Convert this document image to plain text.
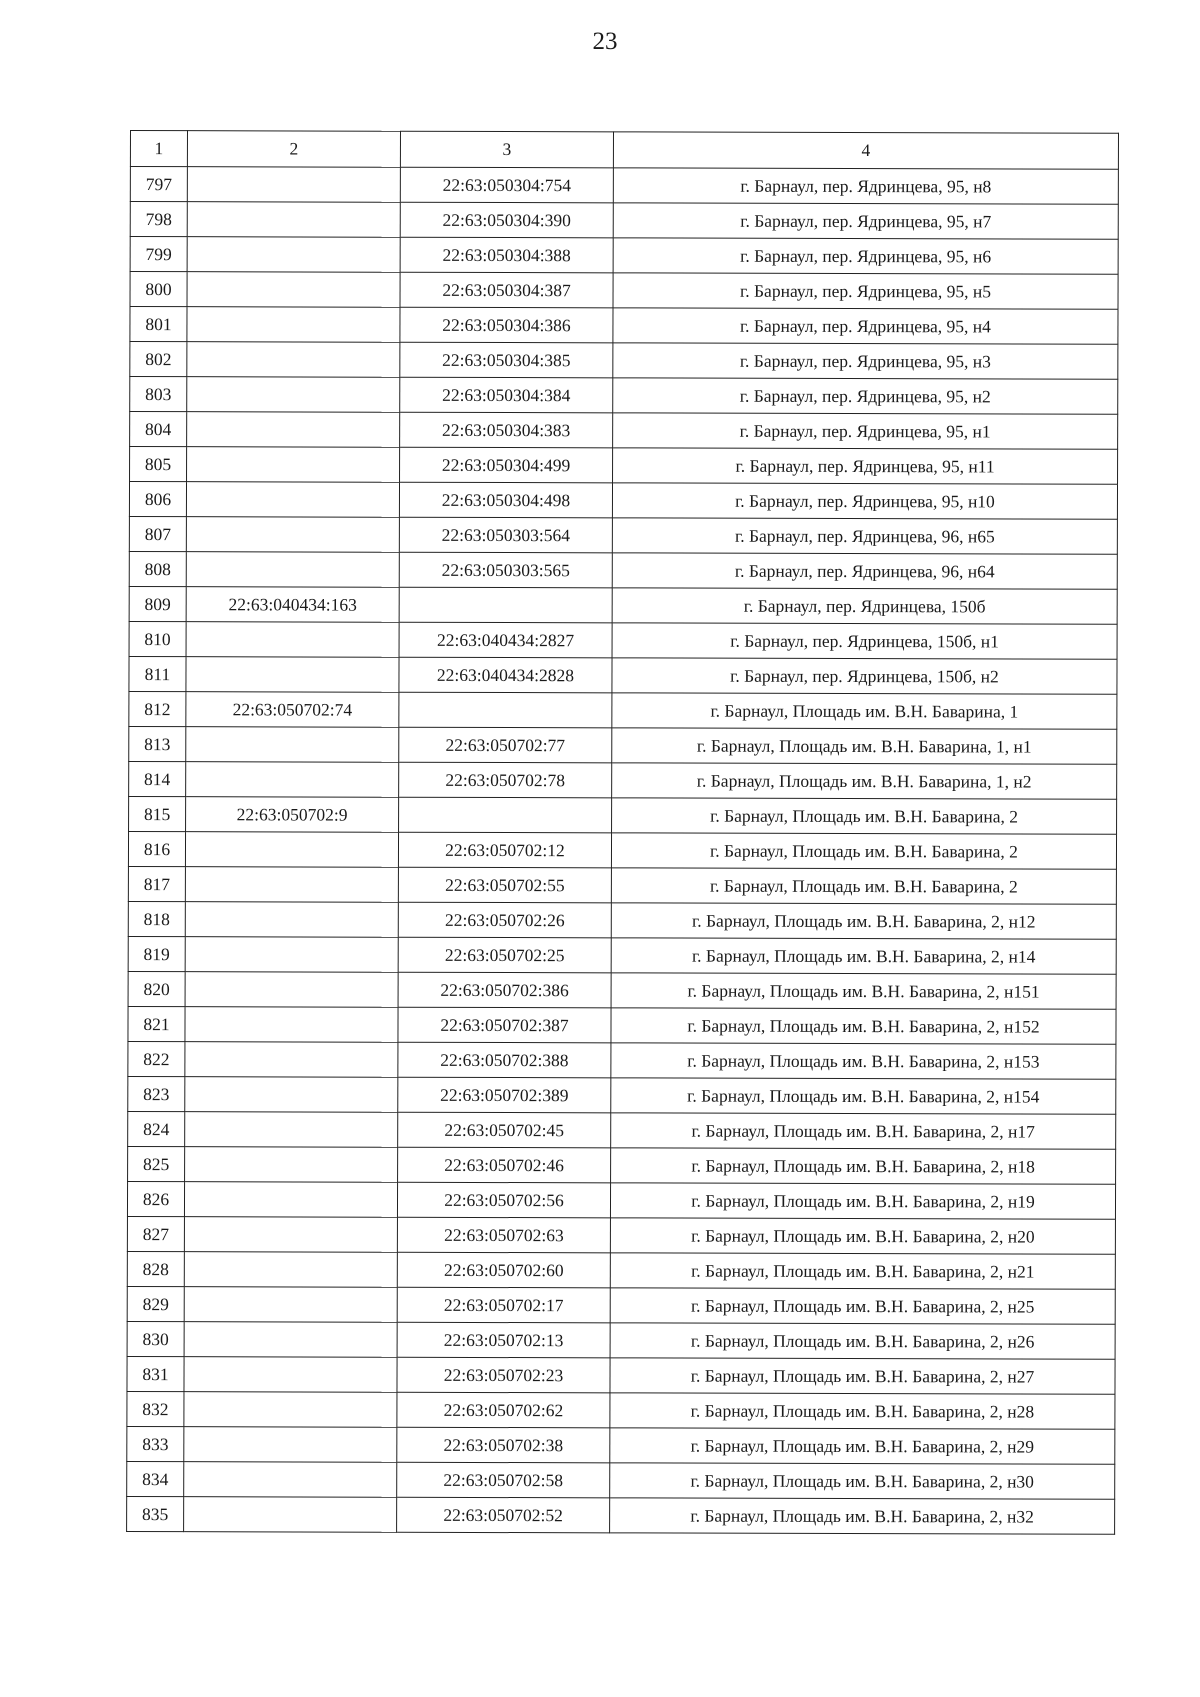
23
1	2	3	4
797		22:63:050304:754	г. Барнаул, пер. Ядринцева, 95, н8
798		22:63:050304:390	г. Барнаул, пер. Ядринцева, 95, н7
799		22:63:050304:388	г. Барнаул, пер. Ядринцева, 95, н6
800		22:63:050304:387	г. Барнаул, пер. Ядринцева, 95, н5
801		22:63:050304:386	г. Барнаул, пер. Ядринцева, 95, н4
802		22:63:050304:385	г. Барнаул, пер. Ядринцева, 95, н3
803		22:63:050304:384	г. Барнаул, пер. Ядринцева, 95, н2
804		22:63:050304:383	г. Барнаул, пер. Ядринцева, 95, н1
805		22:63:050304:499	г. Барнаул, пер. Ядринцева, 95, н11
806		22:63:050304:498	г. Барнаул, пер. Ядринцева, 95, н10
807		22:63:050303:564	г. Барнаул, пер. Ядринцева, 96, н65
808		22:63:050303:565	г. Барнаул, пер. Ядринцева, 96, н64
809	22:63:040434:163		г. Барнаул, пер. Ядринцева, 150б
810		22:63:040434:2827	г. Барнаул, пер. Ядринцева, 150б, н1
811		22:63:040434:2828	г. Барнаул, пер. Ядринцева, 150б, н2
812	22:63:050702:74		г. Барнаул, Площадь им. В.Н. Баварина, 1
813		22:63:050702:77	г. Барнаул, Площадь им. В.Н. Баварина, 1, н1
814		22:63:050702:78	г. Барнаул, Площадь им. В.Н. Баварина, 1, н2
815	22:63:050702:9		г. Барнаул, Площадь им. В.Н. Баварина, 2
816		22:63:050702:12	г. Барнаул, Площадь им. В.Н. Баварина, 2
817		22:63:050702:55	г. Барнаул, Площадь им. В.Н. Баварина, 2
818		22:63:050702:26	г. Барнаул, Площадь им. В.Н. Баварина, 2, н12
819		22:63:050702:25	г. Барнаул, Площадь им. В.Н. Баварина, 2, н14
820		22:63:050702:386	г. Барнаул, Площадь им. В.Н. Баварина, 2, н151
821		22:63:050702:387	г. Барнаул, Площадь им. В.Н. Баварина, 2, н152
822		22:63:050702:388	г. Барнаул, Площадь им. В.Н. Баварина, 2, н153
823		22:63:050702:389	г. Барнаул, Площадь им. В.Н. Баварина, 2, н154
824		22:63:050702:45	г. Барнаул, Площадь им. В.Н. Баварина, 2, н17
825		22:63:050702:46	г. Барнаул, Площадь им. В.Н. Баварина, 2, н18
826		22:63:050702:56	г. Барнаул, Площадь им. В.Н. Баварина, 2, н19
827		22:63:050702:63	г. Барнаул, Площадь им. В.Н. Баварина, 2, н20
828		22:63:050702:60	г. Барнаул, Площадь им. В.Н. Баварина, 2, н21
829		22:63:050702:17	г. Барнаул, Площадь им. В.Н. Баварина, 2, н25
830		22:63:050702:13	г. Барнаул, Площадь им. В.Н. Баварина, 2, н26
831		22:63:050702:23	г. Барнаул, Площадь им. В.Н. Баварина, 2, н27
832		22:63:050702:62	г. Барнаул, Площадь им. В.Н. Баварина, 2, н28
833		22:63:050702:38	г. Барнаул, Площадь им. В.Н. Баварина, 2, н29
834		22:63:050702:58	г. Барнаул, Площадь им. В.Н. Баварина, 2, н30
835		22:63:050702:52	г. Барнаул, Площадь им. В.Н. Баварина, 2, н32
